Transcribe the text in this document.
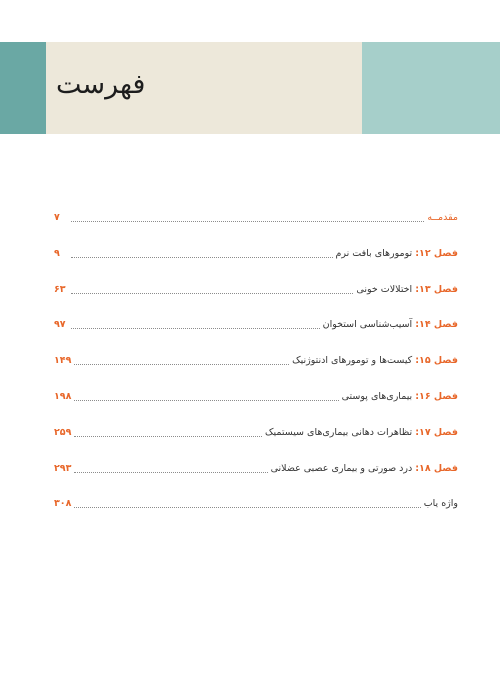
فهرست
مقدمــه
۷
فصل ۱۲
:
تومورهای بافت نرم
۹
فصل ۱۳
:
اختلالات خونی
۶۳
فصل ۱۴
:
آسیب‌شناسی استخوان
۹۷
فصل ۱۵
:
کیست‌ها و تومورهای ادنتوژنیک
۱۴۹
فصل ۱۶
:
بیماری‌های پوستی
۱۹۸
فصل ۱۷
:
تظاهرات دهانی بیماری‌های سیستمیک
۲۵۹
فصل ۱۸
:
درد صورتی و بیماری عصبی عضلانی
۲۹۳
واژه یاب
۳۰۸
